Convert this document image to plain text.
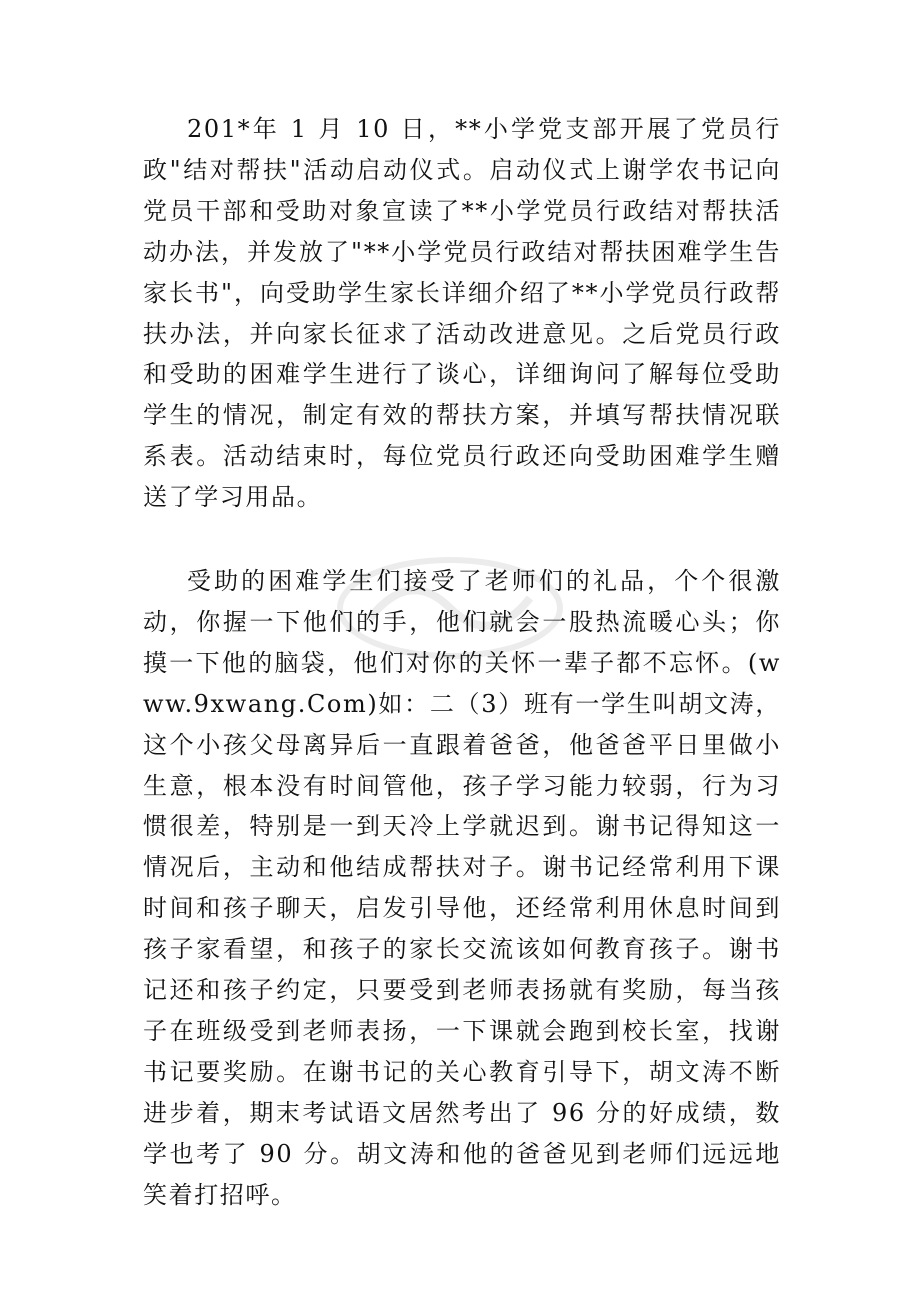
201*年 1 月 10 日，**小学党支部开展了党员行政"结对帮扶"活动启动仪式。启动仪式上谢学农书记向党员干部和受助对象宣读了**小学党员行政结对帮扶活动办法，并发放了"**小学党员行政结对帮扶困难学生告家长书"，向受助学生家长详细介绍了**小学党员行政帮扶办法，并向家长征求了活动改进意见。之后党员行政和受助的困难学生进行了谈心，详细询问了解每位受助学生的情况，制定有效的帮扶方案，并填写帮扶情况联系表。活动结束时，每位党员行政还向受助困难学生赠送了学习用品。

受助的困难学生们接受了老师们的礼品，个个很激动，你握一下他们的手，他们就会一股热流暖心头；你摸一下他的脑袋，他们对你的关怀一辈子都不忘怀。(www.9xwang.Com)如：二（3）班有一学生叫胡文涛，这个小孩父母离异后一直跟着爸爸，他爸爸平日里做小生意，根本没有时间管他，孩子学习能力较弱，行为习惯很差，特别是一到天冷上学就迟到。谢书记得知这一情况后，主动和他结成帮扶对子。谢书记经常利用下课时间和孩子聊天，启发引导他，还经常利用休息时间到孩子家看望，和孩子的家长交流该如何教育孩子。谢书记还和孩子约定，只要受到老师表扬就有奖励，每当孩子在班级受到老师表扬，一下课就会跑到校长室，找谢书记要奖励。在谢书记的关心教育引导下，胡文涛不断进步着，期末考试语文居然考出了 96 分的好成绩，数学也考了 90 分。胡文涛和他的爸爸见到老师们远远地笑着打招呼。
